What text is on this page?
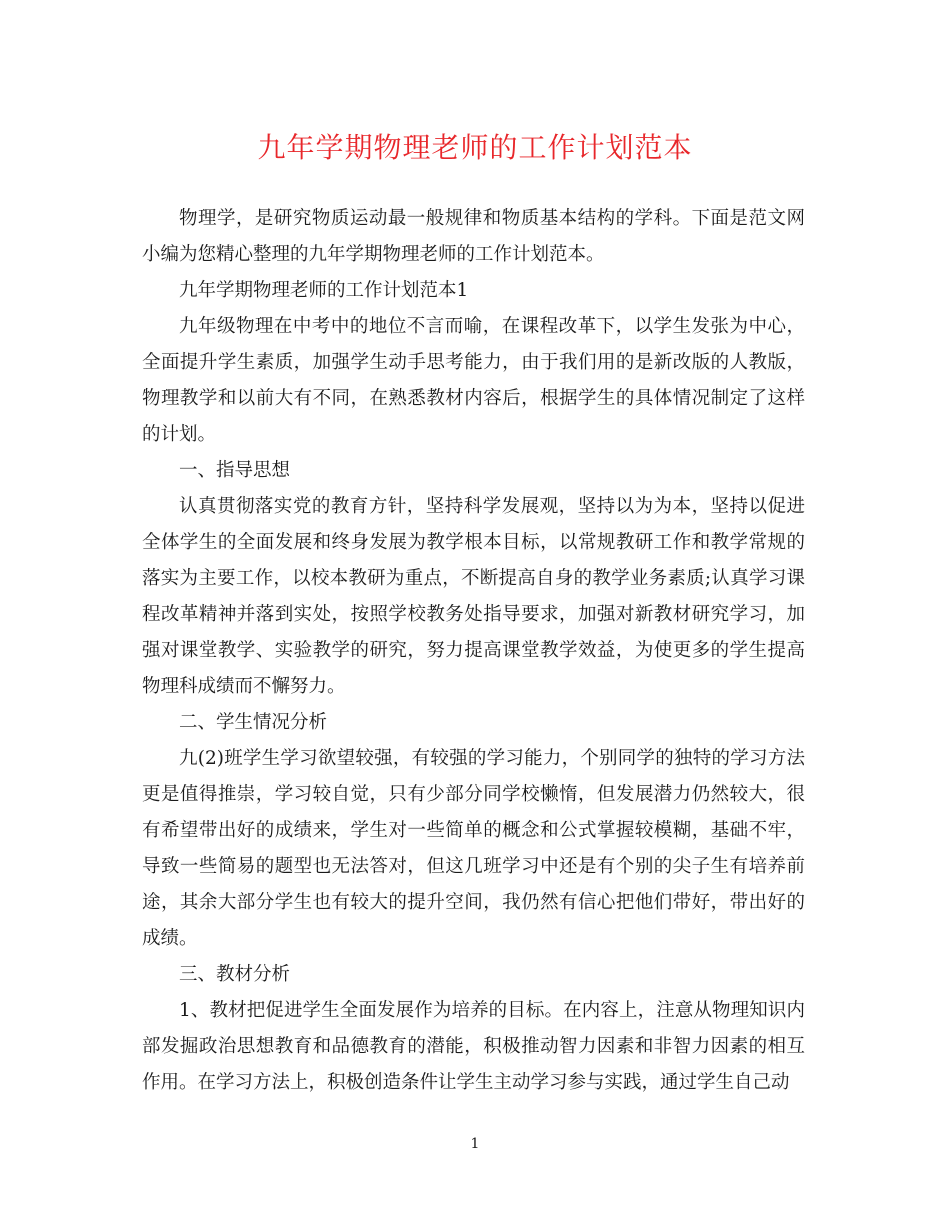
九年学期物理老师的工作计划范本

物理学，是研究物质运动最一般规律和物质基本结构的学科。下面是范文网小编为您精心整理的九年学期物理老师的工作计划范本。

九年学期物理老师的工作计划范本1

九年级物理在中考中的地位不言而喻，在课程改革下，以学生发张为中心，全面提升学生素质，加强学生动手思考能力，由于我们用的是新改版的人教版，物理教学和以前大有不同，在熟悉教材内容后，根据学生的具体情况制定了这样的计划。

一、指导思想

认真贯彻落实党的教育方针，坚持科学发展观，坚持以为为本，坚持以促进全体学生的全面发展和终身发展为教学根本目标，以常规教研工作和教学常规的落实为主要工作，以校本教研为重点，不断提高自身的教学业务素质;认真学习课程改革精神并落到实处，按照学校教务处指导要求，加强对新教材研究学习，加强对课堂教学、实验教学的研究，努力提高课堂教学效益，为使更多的学生提高物理科成绩而不懈努力。

二、学生情况分析

九(2)班学生学习欲望较强，有较强的学习能力，个别同学的独特的学习方法更是值得推崇，学习较自觉，只有少部分同学校懒惰，但发展潜力仍然较大，很有希望带出好的成绩来，学生对一些简单的概念和公式掌握较模糊，基础不牢，导致一些简易的题型也无法答对，但这几班学习中还是有个别的尖子生有培养前途，其余大部分学生也有较大的提升空间，我仍然有信心把他们带好，带出好的成绩。

三、教材分析

1、教材把促进学生全面发展作为培养的目标。在内容上，注意从物理知识内部发掘政治思想教育和品德教育的潜能，积极推动智力因素和非智力因素的相互作用。在学习方法上，积极创造条件让学生主动学习参与实践，通过学生自己动

1
